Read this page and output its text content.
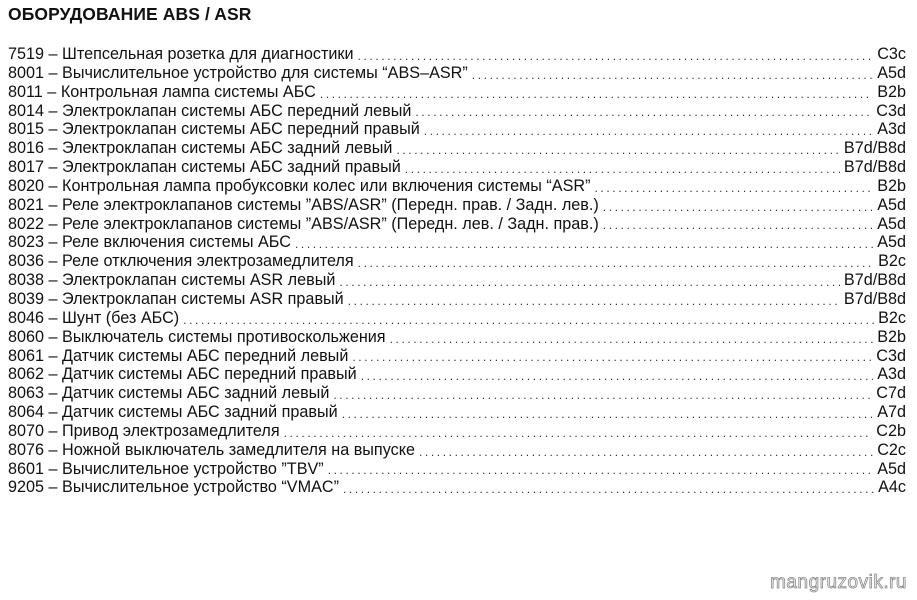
ОБОРУДОВАНИЕ ABS / ASR
7519 – Штепсельная розетка для диагностики .....	C3c
8001 – Вычислительное устройство для системы “ABS–ASR” .....	A5d
8011 – Контрольная лампа системы АБС .....	B2b
8014 – Электроклапан системы АБС передний левый .....	C3d
8015 – Электроклапан системы АБС передний правый .....	A3d
8016 – Электроклапан системы АБС задний левый .....	B7d/B8d
8017 – Электроклапан системы АБС задний правый .....	B7d/B8d
8020 – Контрольная лампа пробуксовки колес или включения системы “ASR” .....	B2b
8021 – Реле электроклапанов системы ”ABS/ASR” (Передн. прав. / Задн. лев.) .....	A5d
8022 – Реле электроклапанов системы ”ABS/ASR” (Передн. лев. / Задн. прав.) .....	A5d
8023 – Реле включения системы АБС .....	A5d
8036 – Реле отключения электрозамедлителя .....	B2c
8038 – Электроклапан системы ASR левый .....	B7d/B8d
8039 – Электроклапан системы ASR правый .....	B7d/B8d
8046 – Шунт (без АБС) .....	B2c
8060 – Выключатель системы противоскольжения .....	B2b
8061 – Датчик системы АБС передний левый .....	C3d
8062 – Датчик системы АБС передний правый .....	A3d
8063 – Датчик системы АБС задний левый .....	C7d
8064 – Датчик системы АБС задний правый .....	A7d
8070 – Привод электрозамедлителя .....	C2b
8076 – Ножной выключатель замедлителя на выпуске .....	C2c
8601 – Вычислительное устройство ”TBV” .....	A5d
9205 – Вычислительное устройство “VMAC” .....	A4c
mangruzovik.ru
